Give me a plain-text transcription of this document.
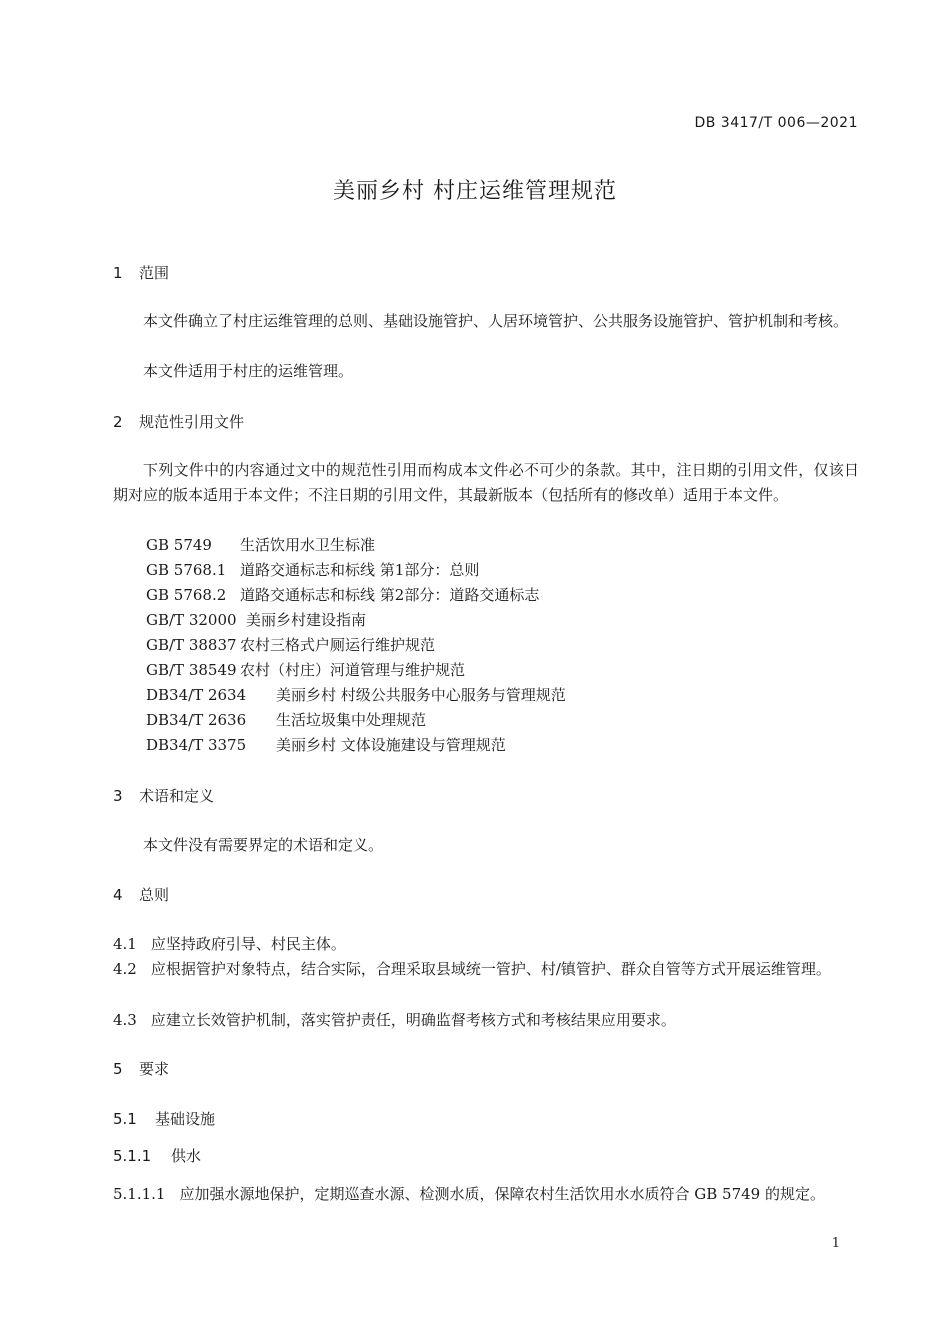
DB 3417/T 006—2021
美丽乡村 村庄运维管理规范
1 范围
本文件确立了村庄运维管理的总则、基础设施管护、人居环境管护、公共服务设施管护、管护机制和考核。
本文件适用于村庄的运维管理。
2 规范性引用文件
下列文件中的内容通过文中的规范性引用而构成本文件必不可少的条款。其中，注日期的引用文件，仅该日期对应的版本适用于本文件；不注日期的引用文件，其最新版本（包括所有的修改单）适用于本文件。
GB 5749 生活饮用水卫生标准
GB 5768.1 道路交通标志和标线 第1部分：总则
GB 5768.2 道路交通标志和标线 第2部分：道路交通标志
GB/T 32000 美丽乡村建设指南
GB/T 38837 农村三格式户厕运行维护规范
GB/T 38549 农村（村庄）河道管理与维护规范
DB34/T 2634 美丽乡村 村级公共服务中心服务与管理规范
DB34/T 2636 生活垃圾集中处理规范
DB34/T 3375 美丽乡村 文体设施建设与管理规范
3 术语和定义
本文件没有需要界定的术语和定义。
4 总则
4.1 应坚持政府引导、村民主体。
4.2 应根据管护对象特点，结合实际，合理采取县域统一管护、村/镇管护、群众自管等方式开展运维管理。
4.3 应建立长效管护机制，落实管护责任，明确监督考核方式和考核结果应用要求。
5 要求
5.1 基础设施
5.1.1 供水
5.1.1.1 应加强水源地保护，定期巡查水源、检测水质，保障农村生活饮用水水质符合 GB 5749 的规定。
1
